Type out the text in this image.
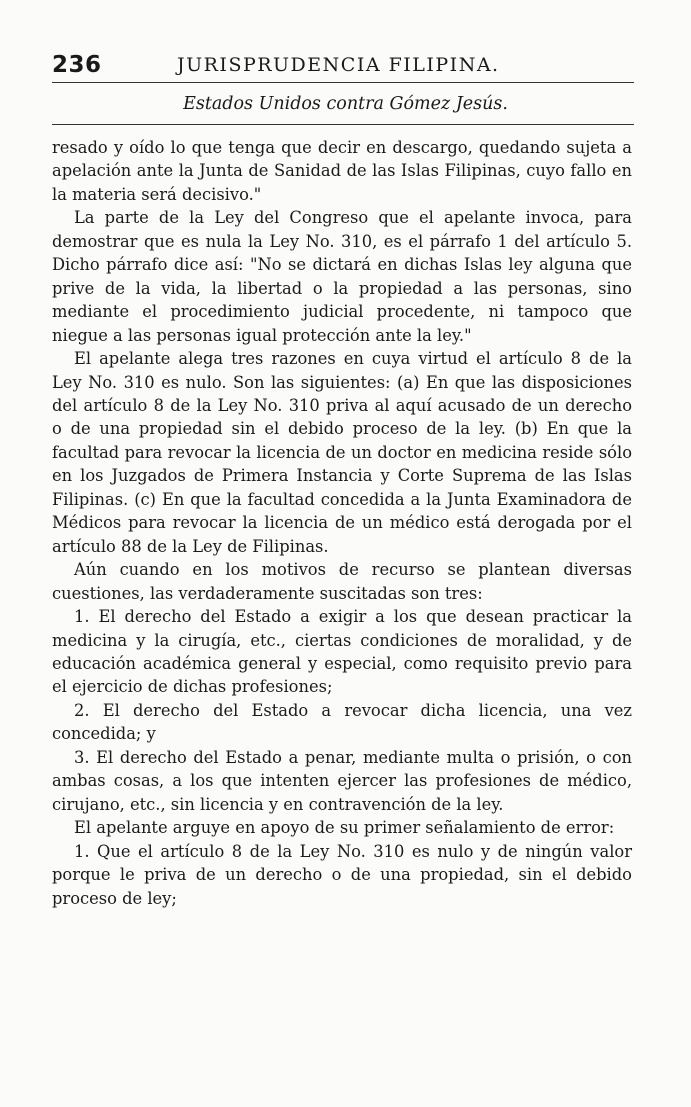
236	JURISPRUDENCIA FILIPINA.
Estados Unidos contra Gómez Jesús.

resado y oído lo que tenga que decir en descargo, quedando sujeta a apelación ante la Junta de Sanidad de las Islas Filipinas, cuyo fallo en la materia será decisivo."

La parte de la Ley del Congreso que el apelante invoca, para demostrar que es nula la Ley No. 310, es el párrafo 1 del artículo 5. Dicho párrafo dice así: "No se dictará en dichas Islas ley alguna que prive de la vida, la libertad o la propiedad a las personas, sino mediante el procedimiento judicial procedente, ni tampoco que niegue a las personas igual protección ante la ley."

El apelante alega tres razones en cuya virtud el artículo 8 de la Ley No. 310 es nulo. Son las siguientes: (a) En que las disposiciones del artículo 8 de la Ley No. 310 priva al aquí acusado de un derecho o de una propiedad sin el debido proceso de la ley. (b) En que la facultad para revocar la licencia de un doctor en medicina reside sólo en los Juzgados de Primera Instancia y Corte Suprema de las Islas Filipinas. (c) En que la facultad concedida a la Junta Examinadora de Médicos para revocar la licencia de un médico está derogada por el artículo 88 de la Ley de Filipinas.

Aún cuando en los motivos de recurso se plantean diversas cuestiones, las verdaderamente suscitadas son tres:

1. El derecho del Estado a exigir a los que desean practicar la medicina y la cirugía, etc., ciertas condiciones de moralidad, y de educación académica general y especial, como requisito previo para el ejercicio de dichas profesiones;

2. El derecho del Estado a revocar dicha licencia, una vez concedida; y

3. El derecho del Estado a penar, mediante multa o prisión, o con ambas cosas, a los que intenten ejercer las profesiones de médico, cirujano, etc., sin licencia y en contravención de la ley.

El apelante arguye en apoyo de su primer señalamiento de error:

1. Que el artículo 8 de la Ley No. 310 es nulo y de ningún valor porque le priva de un derecho o de una propiedad, sin el debido proceso de ley;
